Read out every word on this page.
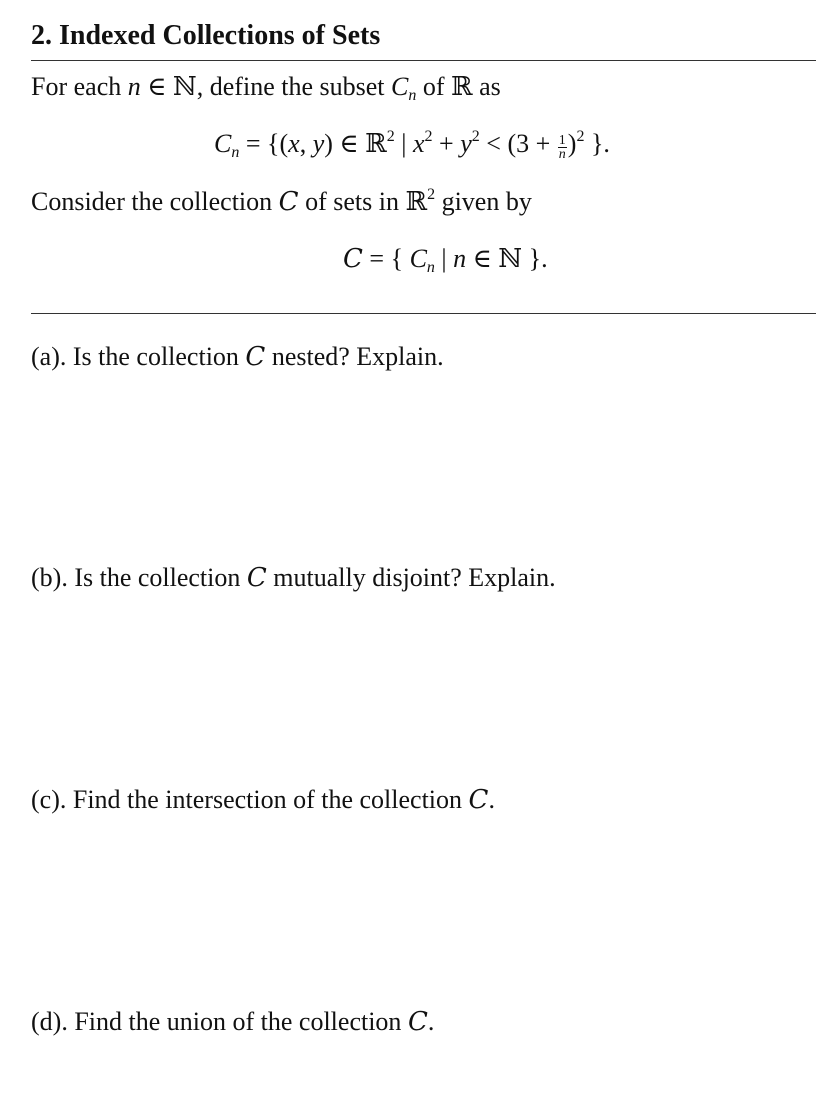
2. Indexed Collections of Sets
For each n ∈ ℕ, define the subset $C_n$ of ℝ as
$C_n = \{(x$, y) ∈ ℝ$^2$ | $x^2 + y^2 < (3 + \frac{1}{n} )^2$ }.
Consider the collection C of sets in ℝ$^2$ given by
C = { $C_n$ | n ∈ ℕ }.
(a). Is the collection C nested? Explain.
(b). Is the collection C mutually disjoint? Explain.
(c). Find the intersection of the collection C.
(d). Find the union of the collection C.
